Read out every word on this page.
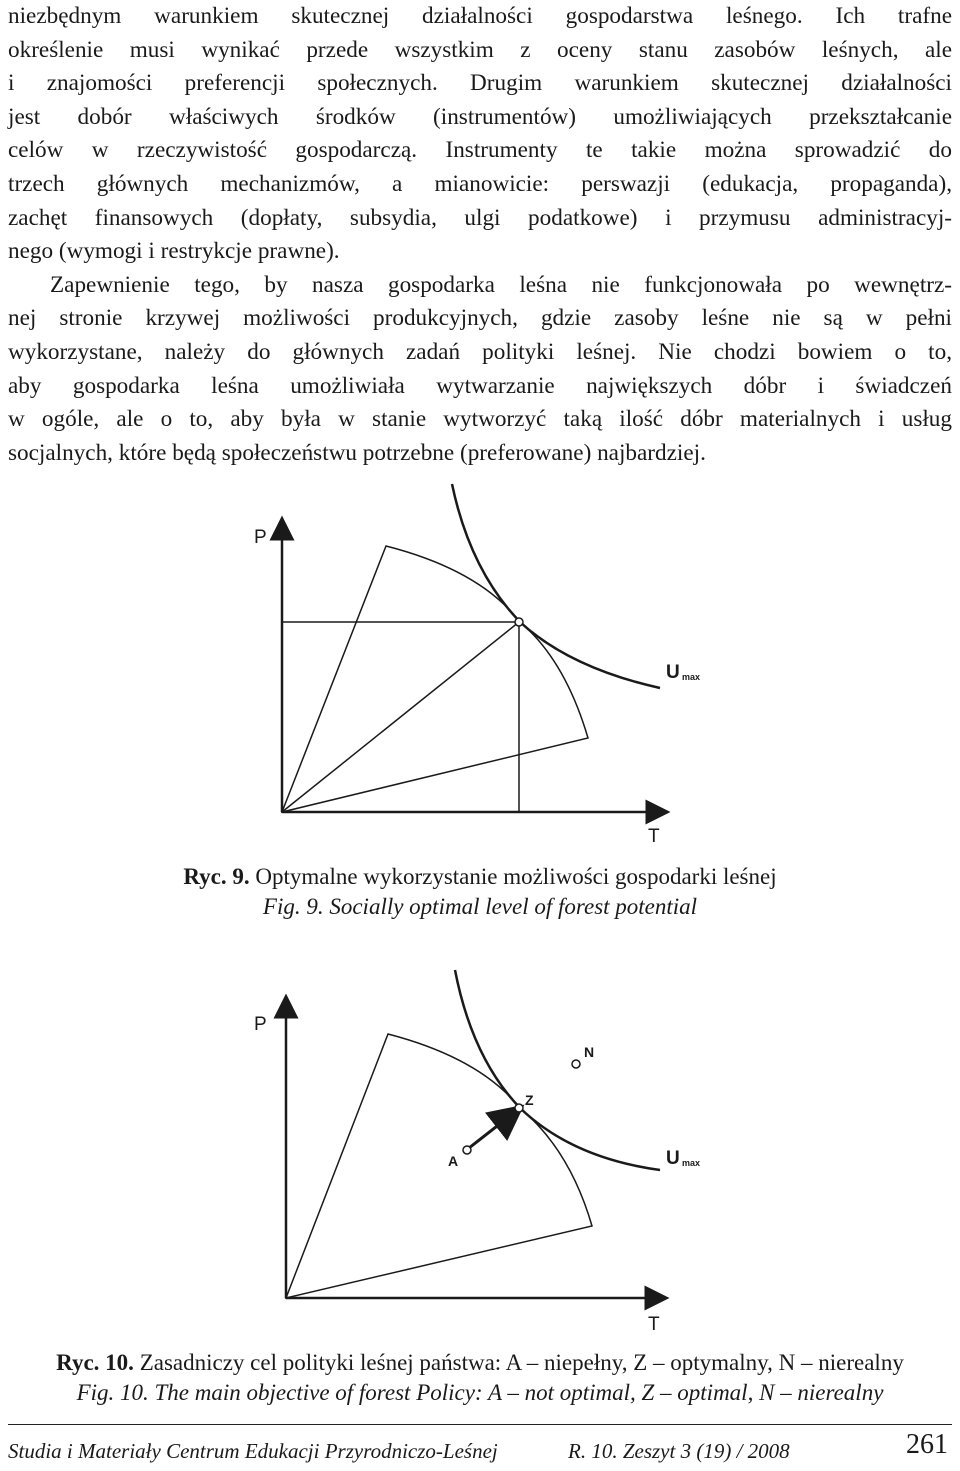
niezbędnym warunkiem skutecznej działalności gospodarstwa leśnego. Ich trafne
określenie musi wynikać przede wszystkim z oceny stanu zasobów leśnych, ale
i znajomości preferencji społecznych. Drugim warunkiem skutecznej działalności
jest dobór właściwych środków (instrumentów) umożliwiających przekształcanie
celów w rzeczywistość gospodarczą. Instrumenty te takie można sprowadzić do
trzech głównych mechanizmów, a mianowicie: perswazji (edukacja, propaganda),
zachęt finansowych (dopłaty, subsydia, ulgi podatkowe) i przymusu administracyj-
nego (wymogi i restrykcje prawne).

Zapewnienie tego, by nasza gospodarka leśna nie funkcjonowała po wewnętrz-
nej stronie krzywej możliwości produkcyjnych, gdzie zasoby leśne nie są w pełni
wykorzystane, należy do głównych zadań polityki leśnej. Nie chodzi bowiem o to,
aby gospodarka leśna umożliwiała wytwarzanie największych dóbr i świadczeń
w ogóle, ale o to, aby była w stanie wytworzyć taką ilość dóbr materialnych i usług
socjalnych, które będą społeczeństwu potrzebne (preferowane) najbardziej.

P
T
U max
Ryc. 9. Optymalne wykorzystanie możliwości gospodarki leśnej
Fig. 9. Socially optimal level of forest potential
P
T
A
Z
N
U max
Ryc. 10. Zasadniczy cel polityki leśnej państwa: A – niepełny, Z – optymalny, N – nierealny
Fig. 10. The main objective of forest Policy: A – not optimal, Z – optimal, N – nierealny
Studia i Materiały Centrum Edukacji Przyrodniczo-Leśnej	R. 10. Zeszyt 3 (19) / 2008	261
